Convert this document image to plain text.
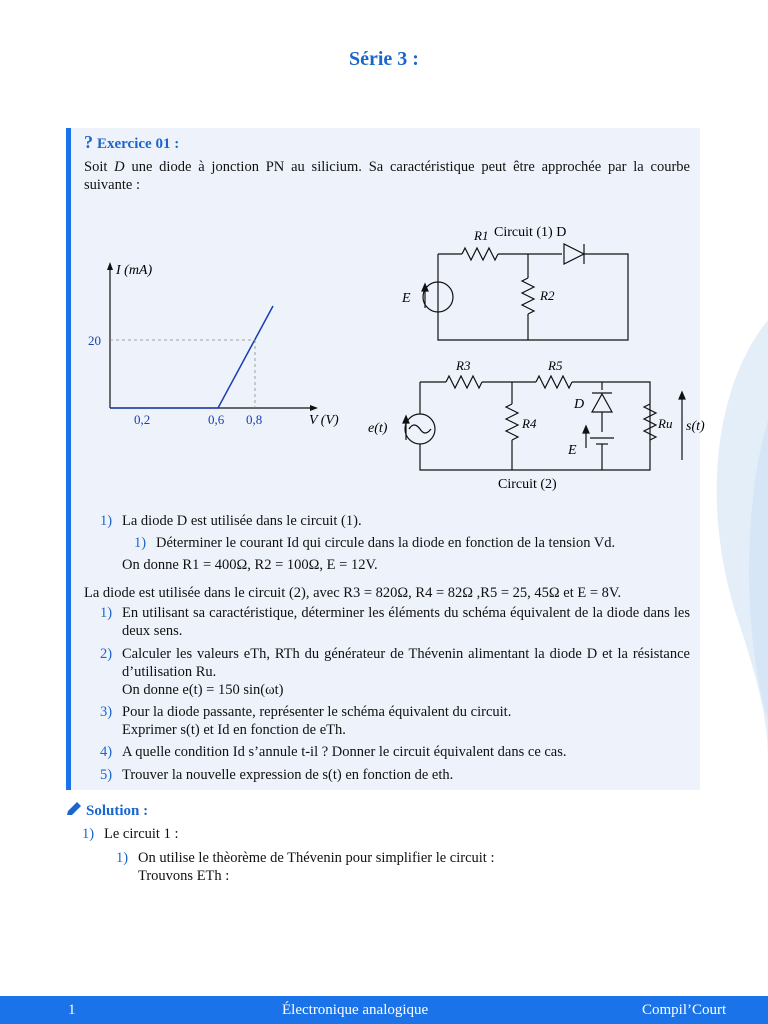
Série 3 :
? Exercice 01 :
Soit D une diode à jonction PN au silicium. Sa caractéristique peut être approchée par la courbe suivante :
I (mA)
V (V)
20
0,2	0,6 0,8
R1 Circuit (1) D
R2
E
R3	R5
R4	Ru
D
E
e(t)	s(t)
Circuit (2)
1) La diode D est utilisée dans le circuit (1).
1) Déterminer le courant Id qui circule dans la diode en fonction de la tension Vd.
On donne R1 = 400Ω, R2 = 100Ω, E = 12V.
La diode est utilisée dans le circuit (2), avec R3 = 820Ω, R4 = 82Ω ,R5 = 25, 45Ω et E = 8V.
1) En utilisant sa caractéristique, déterminer les éléments du schéma équivalent de la diode dans les deux sens.
2) Calculer les valeurs eTh, RTh du générateur de Thévenin alimentant la diode D et la résistance d’utilisation Ru.
On donne e(t) = 150 sin(ωt)
3) Pour la diode passante, représenter le schéma équivalent du circuit.
Exprimer s(t) et Id en fonction de eTh.
4) A quelle condition Id s’annule t-il ? Donner le circuit équivalent dans ce cas.
5) Trouver la nouvelle expression de s(t) en fonction de eth.
Solution :
1) Le circuit 1 :
1) On utilise le thèorème de Thévenin pour simplifier le circuit :
Trouvons ETh :
1	Électronique analogique	Compil’Court
